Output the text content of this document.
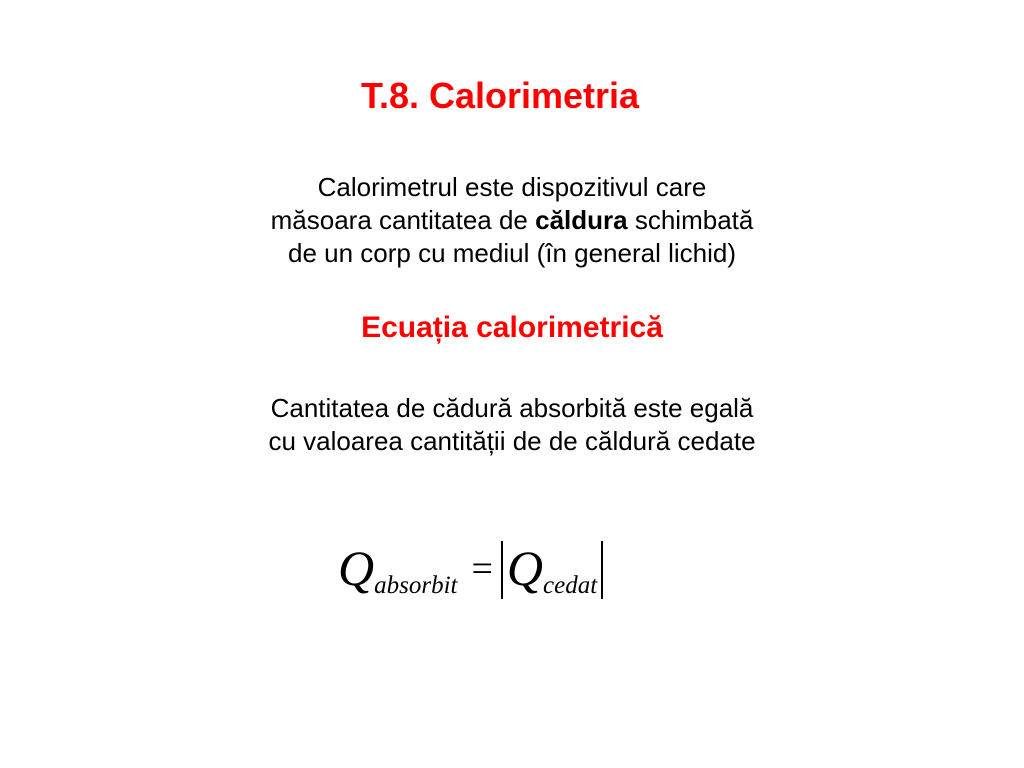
T.8. Calorimetria
Calorimetrul este dispozitivul care
măsoara cantitatea de căldura schimbată
de un corp cu mediul (în general lichid)
Ecuația calorimetrică
Cantitatea de cădură absorbită este egală
cu valoarea cantității de de căldură cedate
Qabsorbit = Qcedat
